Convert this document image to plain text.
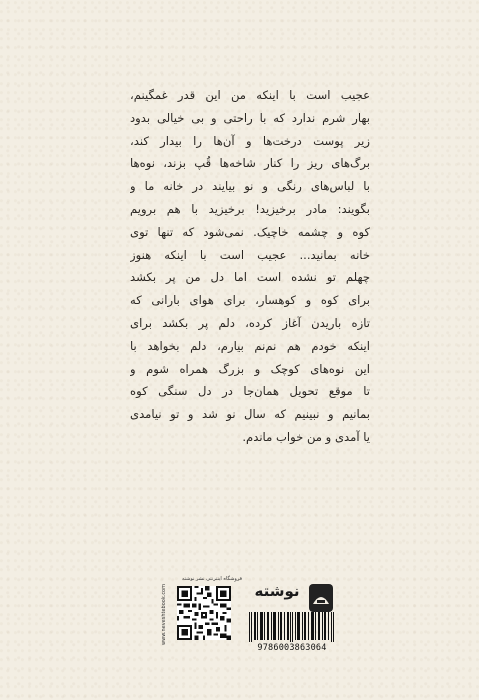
عجیب است با اینکه من این قدر غمگینم،
بهار شرم ندارد که با راحتی و بی خیالی بدود
زیر پوست درخت‌ها و آن‌ها را بیدار کند،
برگ‌های ریز را کنار شاخه‌ها قُپ بزند، نوه‌ها
با لباس‌های رنگی و نو بیایند در خانه ما و
بگویند: مادر برخیزید! برخیزید با هم برویم
کوه و چشمه خاچیک. نمی‌شود که تنها توی
خانه بمانید... عجیب است با اینکه هنوز
چهلم تو نشده است اما دل من پر بکشد
برای کوه و کوهسار، برای هوای بارانی که
تازه باریدن آغاز کرده، دلم پر بکشد برای
اینکه خودم هم نم‌نم بیارم، دلم بخواهد با
این نوه‌های کوچک و بزرگ همراه شوم و
تا موقع تحویل همان‌جا در دل سنگی کوه
بمانیم و نبینیم که سال نو شد و تو نیامدی
یا آمدی و من خواب ماندم.
فروشگاه اینترنتی نشر نوشته
www.neveshtebook.com	نوشته
9786003863064
